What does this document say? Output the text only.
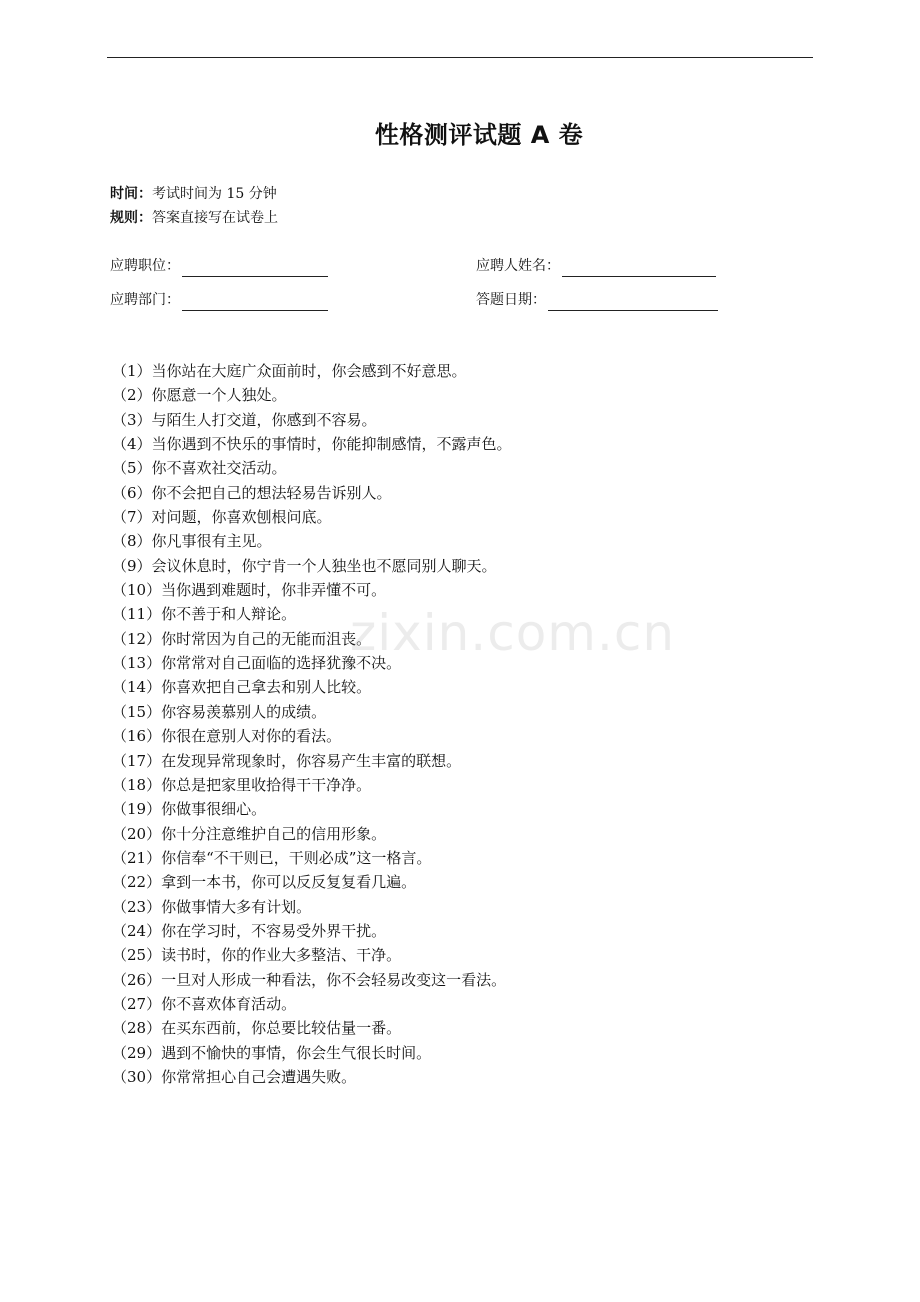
性格测评试题 A 卷
时间：考试时间为 15 分钟
规则：答案直接写在试卷上
应聘职位：	应聘人姓名：
应聘部门：	答题日期：
（1）当你站在大庭广众面前时，你会感到不好意思。
（2）你愿意一个人独处。
（3）与陌生人打交道，你感到不容易。
（4）当你遇到不快乐的事情时，你能抑制感情，不露声色。
（5）你不喜欢社交活动。
（6）你不会把自己的想法轻易告诉别人。
（7）对问题，你喜欢刨根问底。
（8）你凡事很有主见。
（9）会议休息时，你宁肯一个人独坐也不愿同别人聊天。
（10）当你遇到难题时，你非弄懂不可。
（11）你不善于和人辩论。
（12）你时常因为自己的无能而沮丧。
（13）你常常对自己面临的选择犹豫不决。
（14）你喜欢把自己拿去和别人比较。
（15）你容易羡慕别人的成绩。
（16）你很在意别人对你的看法。
（17）在发现异常现象时，你容易产生丰富的联想。
（18）你总是把家里收拾得干干净净。
（19）你做事很细心。
（20）你十分注意维护自己的信用形象。
（21）你信奉“不干则已，干则必成”这一格言。
（22）拿到一本书，你可以反反复复看几遍。
（23）你做事情大多有计划。
（24）你在学习时，不容易受外界干扰。
（25）读书时，你的作业大多整洁、干净。
（26）一旦对人形成一种看法，你不会轻易改变这一看法。
（27）你不喜欢体育活动。
（28）在买东西前，你总要比较估量一番。
（29）遇到不愉快的事情，你会生气很长时间。
（30）你常常担心自己会遭遇失败。
zixin.com.cn
